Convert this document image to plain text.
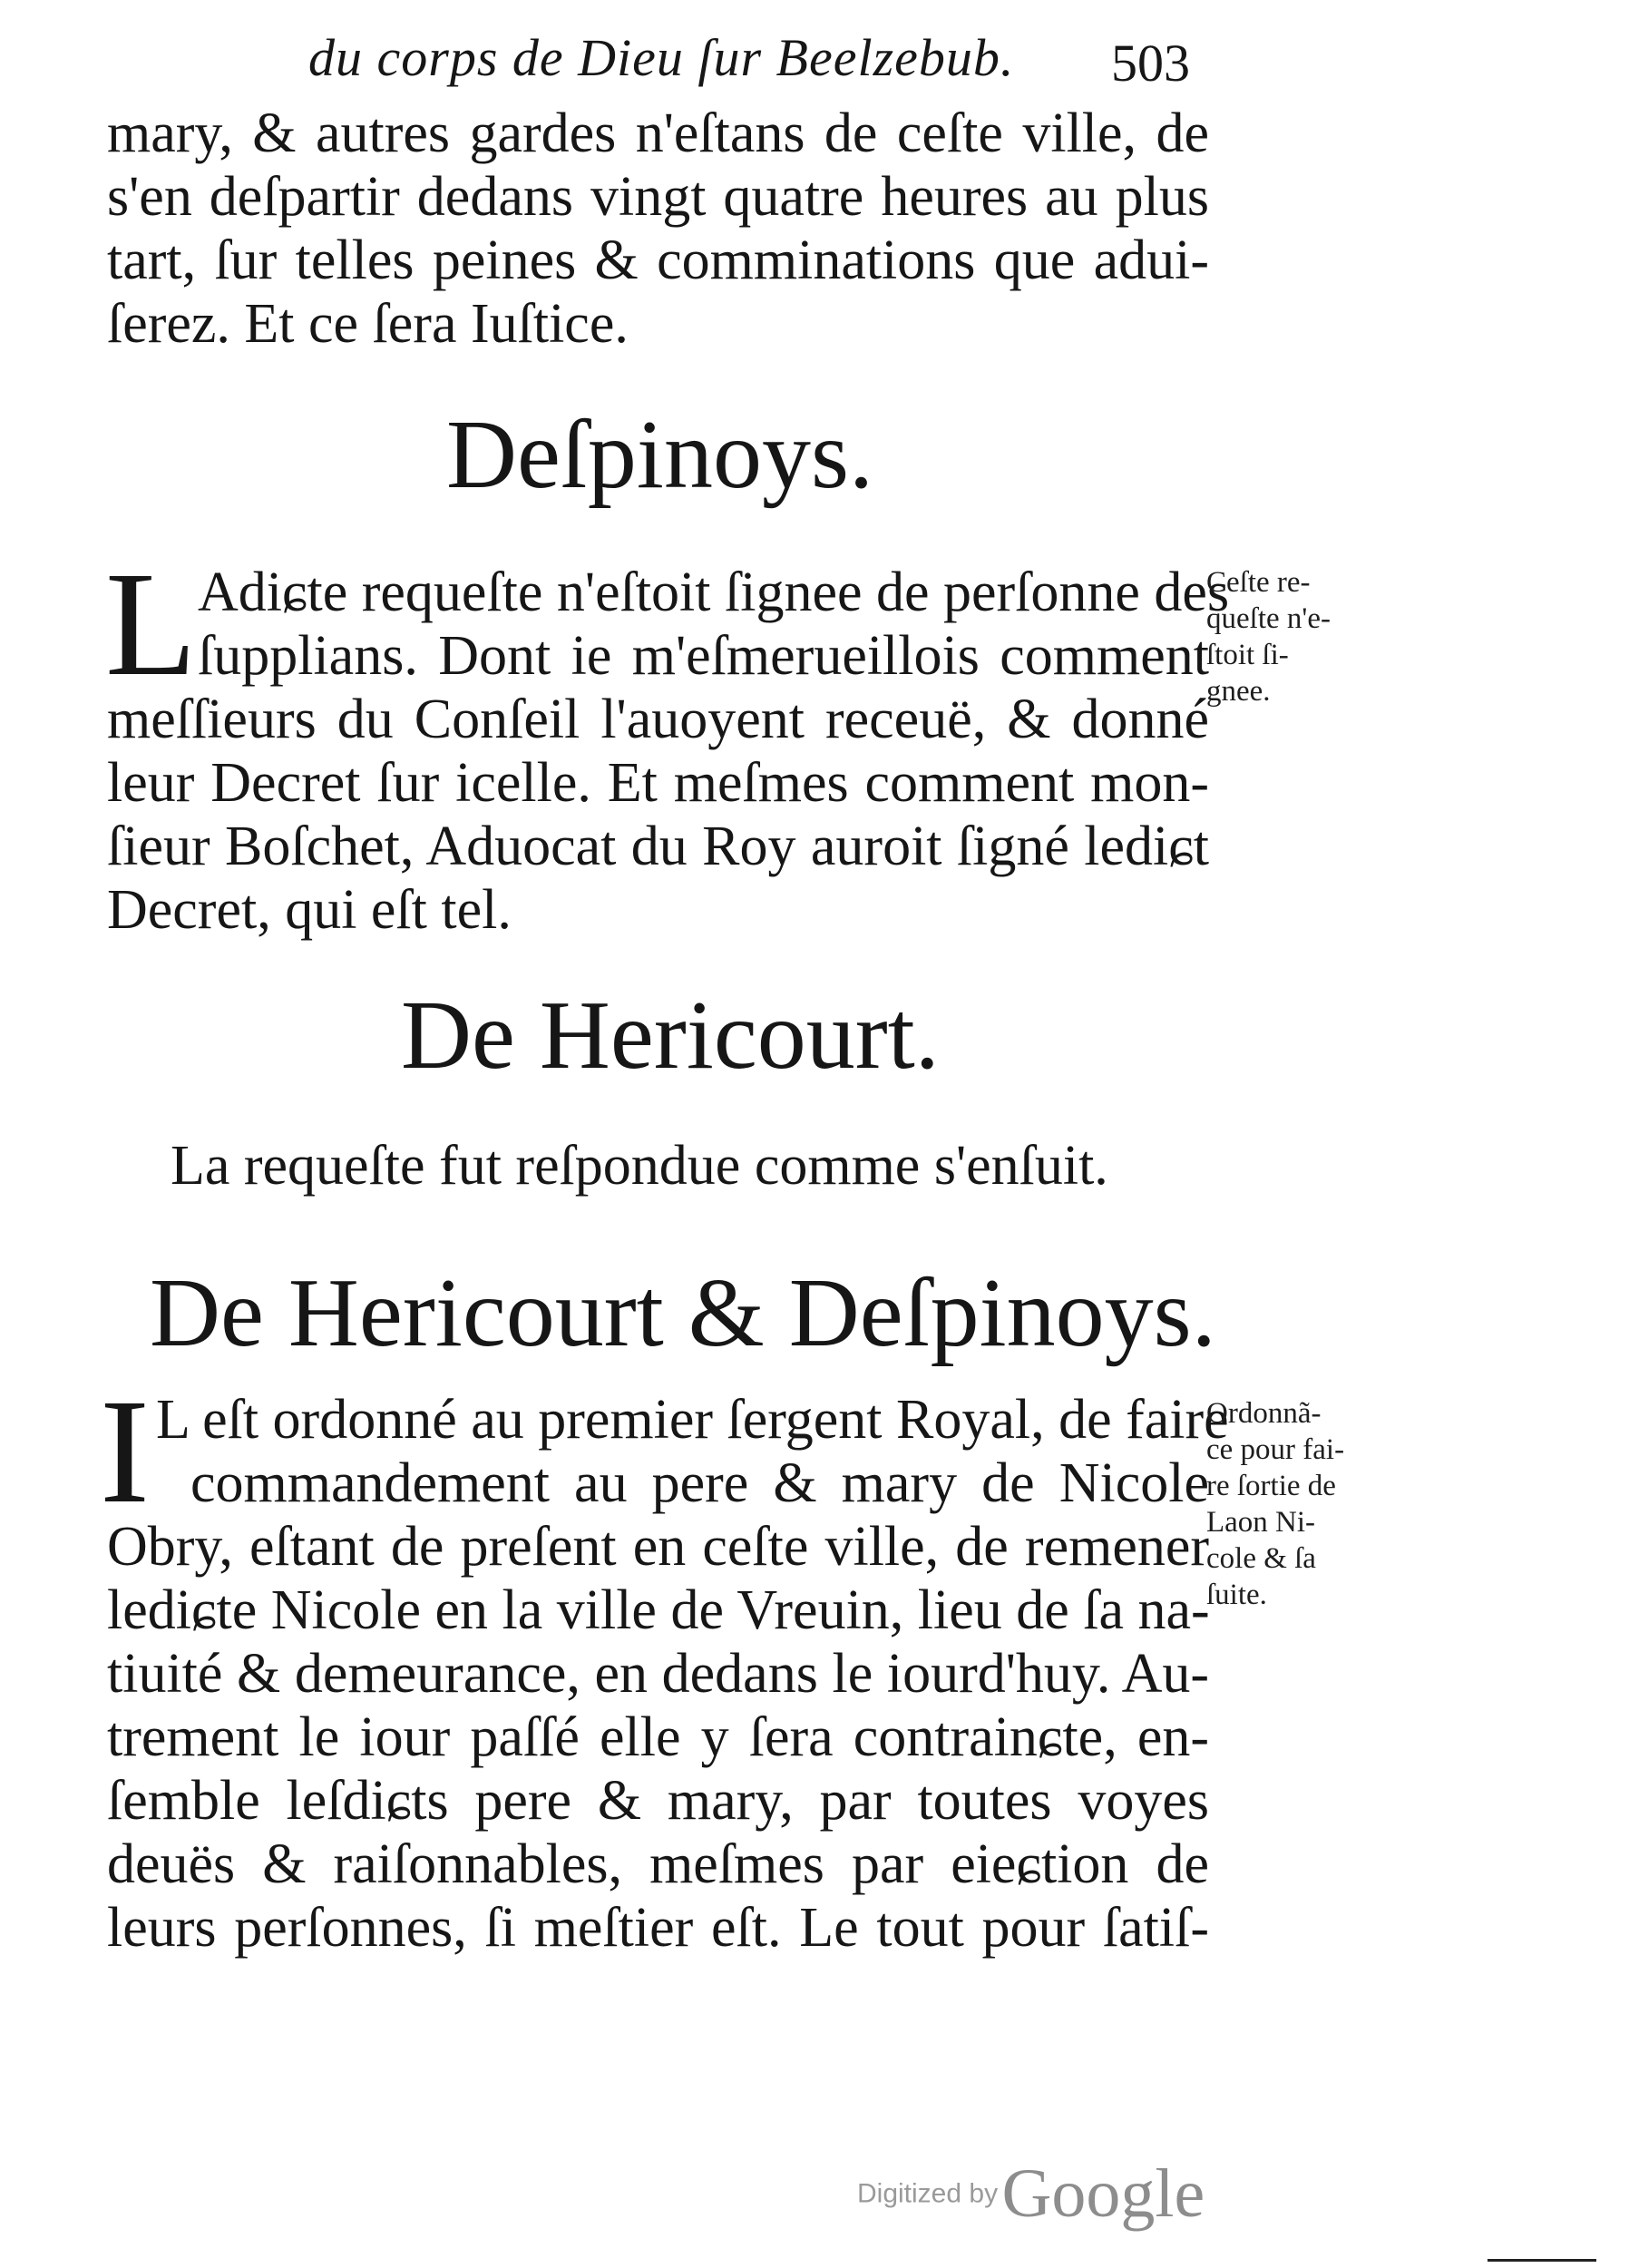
du corps de Dieu ſur Beelzebub.	503
mary, & autres gardes n'eſtans de ceſte ville, de
s'en deſpartir dedans vingt quatre heures au plus
tart, ſur telles peines & comminations que adui-
ſerez. Et ce ſera Iuſtice.
Deſpinoys.
L Adiɕte requeſte n'eſtoit ſignee de perſonne des
ſupplians. Dont ie m'eſmerueillois comment
meſſieurs du Conſeil l'auoyent receuë, & donné
leur Decret ſur icelle. Et meſmes comment mon-
ſieur Boſchet, Aduocat du Roy auroit ſigné lediɕt
Decret, qui eſt tel.
Ceſte re-
queſte n'e-
ſtoit ſi-
gnee.
De Hericourt.
La requeſte fut reſpondue comme s'enſuit.
De Hericourt & Deſpinoys.
I L eſt ordonné au premier ſergent Royal, de faire
commandement au pere & mary de Nicole
Obry, eſtant de preſent en ceſte ville, de remener
lediɕte Nicole en la ville de Vreuin, lieu de ſa na-
tiuité & demeurance, en dedans le iourd'huy. Au-
trement le iour paſſé elle y ſera contrainɕte, en-
ſemble leſdiɕts pere & mary, par toutes voyes
deuës & raiſonnables, meſmes par eieɕtion de
leurs perſonnes, ſi meſtier eſt. Le tout pour ſatiſ-
Ordonnã-
ce pour fai-
re ſortie de
Laon Ni-
cole & ſa
ſuite.
Digitized by Google
